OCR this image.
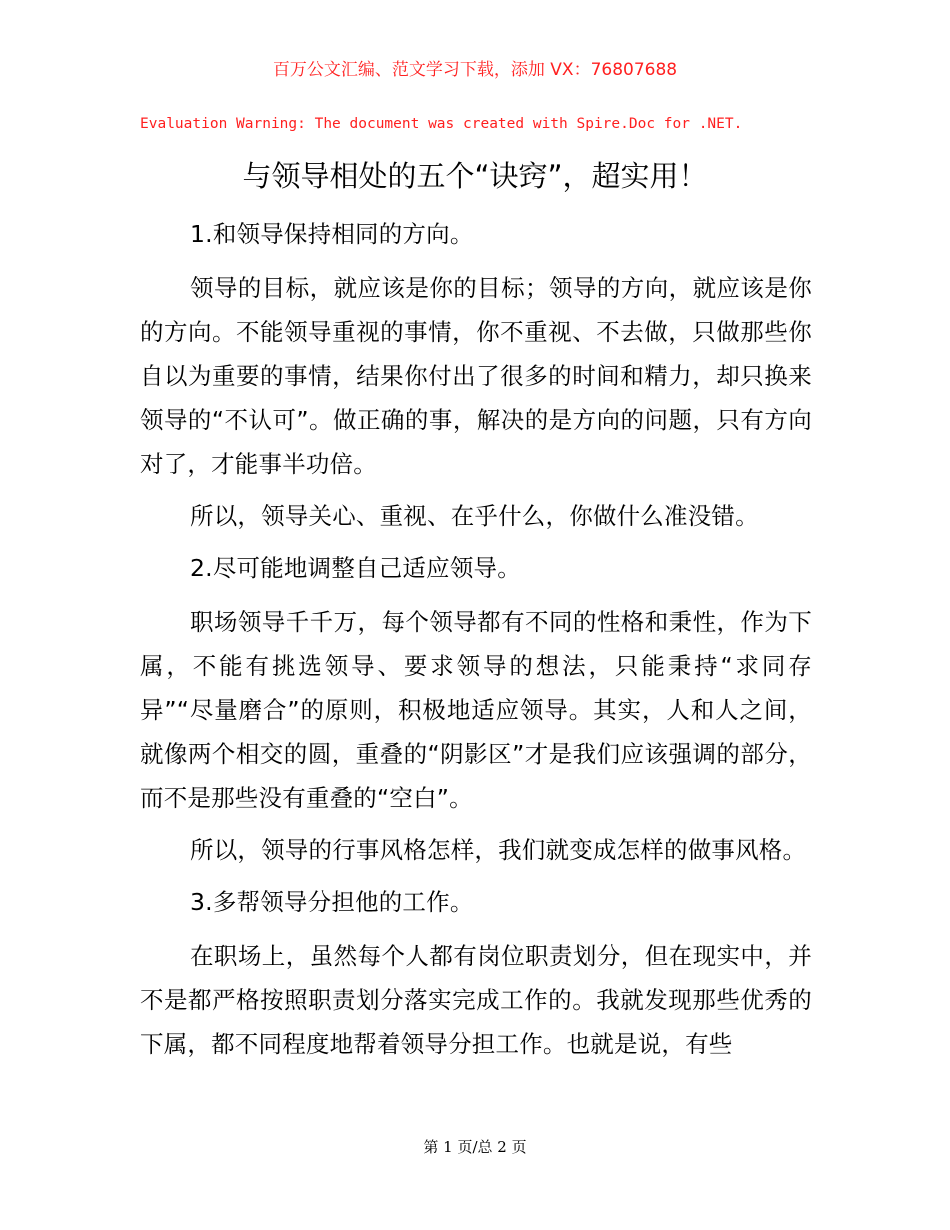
百万公文汇编、范文学习下载，添加 VX：76807688
Evaluation Warning: The document was created with Spire.Doc for .NET.
与领导相处的五个“诀窍”，超实用！

1.和领导保持相同的方向。

领导的目标，就应该是你的目标；领导的方向，就应该是你的方向。不能领导重视的事情，你不重视、不去做，只做那些你自以为重要的事情，结果你付出了很多的时间和精力，却只换来领导的“不认可”。做正确的事，解决的是方向的问题，只有方向对了，才能事半功倍。

所以，领导关心、重视、在乎什么，你做什么准没错。

2.尽可能地调整自己适应领导。

职场领导千千万，每个领导都有不同的性格和秉性，作为下属，不能有挑选领导、要求领导的想法，只能秉持“求同存异”“尽量磨合”的原则，积极地适应领导。其实，人和人之间，就像两个相交的圆，重叠的“阴影区”才是我们应该强调的部分，而不是那些没有重叠的“空白”。

所以，领导的行事风格怎样，我们就变成怎样的做事风格。

3.多帮领导分担他的工作。

在职场上，虽然每个人都有岗位职责划分，但在现实中，并不是都严格按照职责划分落实完成工作的。我就发现那些优秀的下属，都不同程度地帮着领导分担工作。也就是说，有些

第 1 页/总 2 页
